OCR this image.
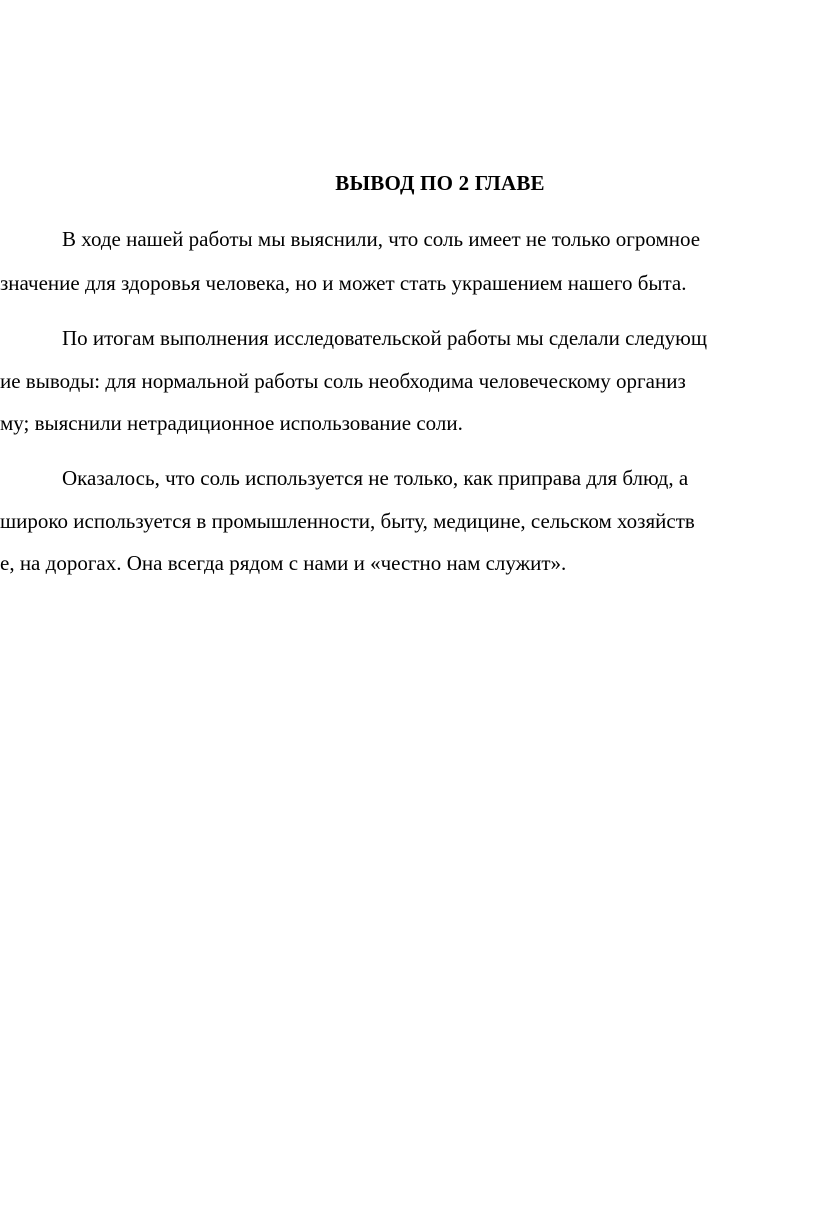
ВЫВОД ПО 2 ГЛАВЕ
В ходе нашей работы мы выяснили, что соль имеет не только огромное
значение для здоровья человека, но и может стать украшением нашего быта.
По итогам выполнения исследовательской работы мы сделали следующ
ие выводы: для нормальной работы соль необходима человеческому организ
му; выяснили нетрадиционное использование соли.
Оказалось, что соль используется не только, как приправа для блюд, а
широко используется в промышленности, быту, медицине, сельском хозяйств
е, на дорогах. Она всегда рядом с нами и «честно нам служит».
